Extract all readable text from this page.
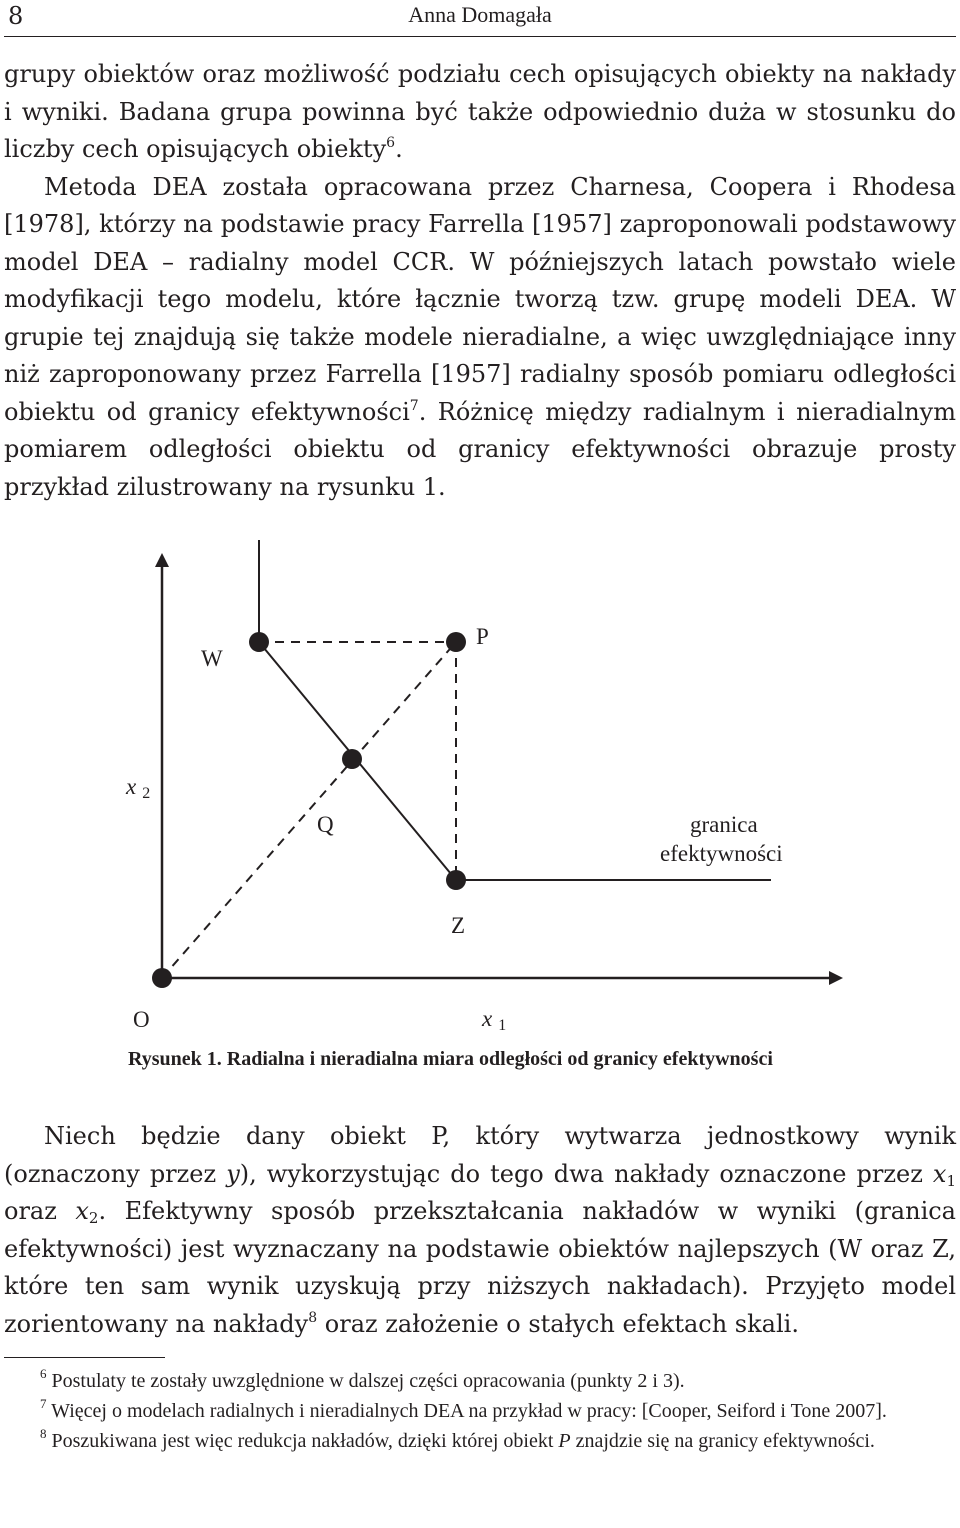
8	Anna Domagała

grupy obiektów oraz możliwość podziału cech opisujących obiekty na nakłady i wyniki. Badana grupa powinna być także odpowiednio duża w stosunku do liczby cech opisujących obiekty$^6$.

Metoda DEA została opracowana przez Charnesa, Coopera i Rhodesa [1978], którzy na podstawie pracy Farrella [1957] zaproponowali podstawowy model DEA – radialny model CCR. W późniejszych latach powstało wiele modyfikacji tego modelu, które łącznie tworzą tzw. grupę modeli DEA. W grupie tej znajdują się także modele nieradialne, a więc uwzględniające inny niż zaproponowany przez Farrella [1957] radialny sposób pomiaru odległości obiektu od granicy efektywności$^7$. Różnicę między radialnym i nieradialnym pomiarem odległości obiektu od granicy efektywności obrazuje prosty przykład zilustrowany na rysunku 1.

W
P
Q
Z
O
granica
efektywności
x 2
x 1
Rysunek 1. Radialna i nieradialna miara odległości od granicy efektywności

Niech będzie dany obiekt P, który wytwarza jednostkowy wynik (oznaczony przez y), wykorzystując do tego dwa nakłady oznaczone przez $x_1$ oraz $x_2$. Efektywny sposób przekształcania nakładów w wyniki (granica efektywności) jest wyznaczany na podstawie obiektów najlepszych (W oraz Z, które ten sam wynik uzyskują przy niższych nakładach). Przyjęto model zorientowany na nakłady$^8$ oraz założenie o stałych efektach skali.

$^6$ Postulaty te zostały uwzględnione w dalszej części opracowania (punkty 2 i 3).

$^7$ Więcej o modelach radialnych i nieradialnych DEA na przykład w pracy: [Cooper, Seiford i Tone 2007].

$^8$ Poszukiwana jest więc redukcja nakładów, dzięki której obiekt P znajdzie się na granicy efektywności.
